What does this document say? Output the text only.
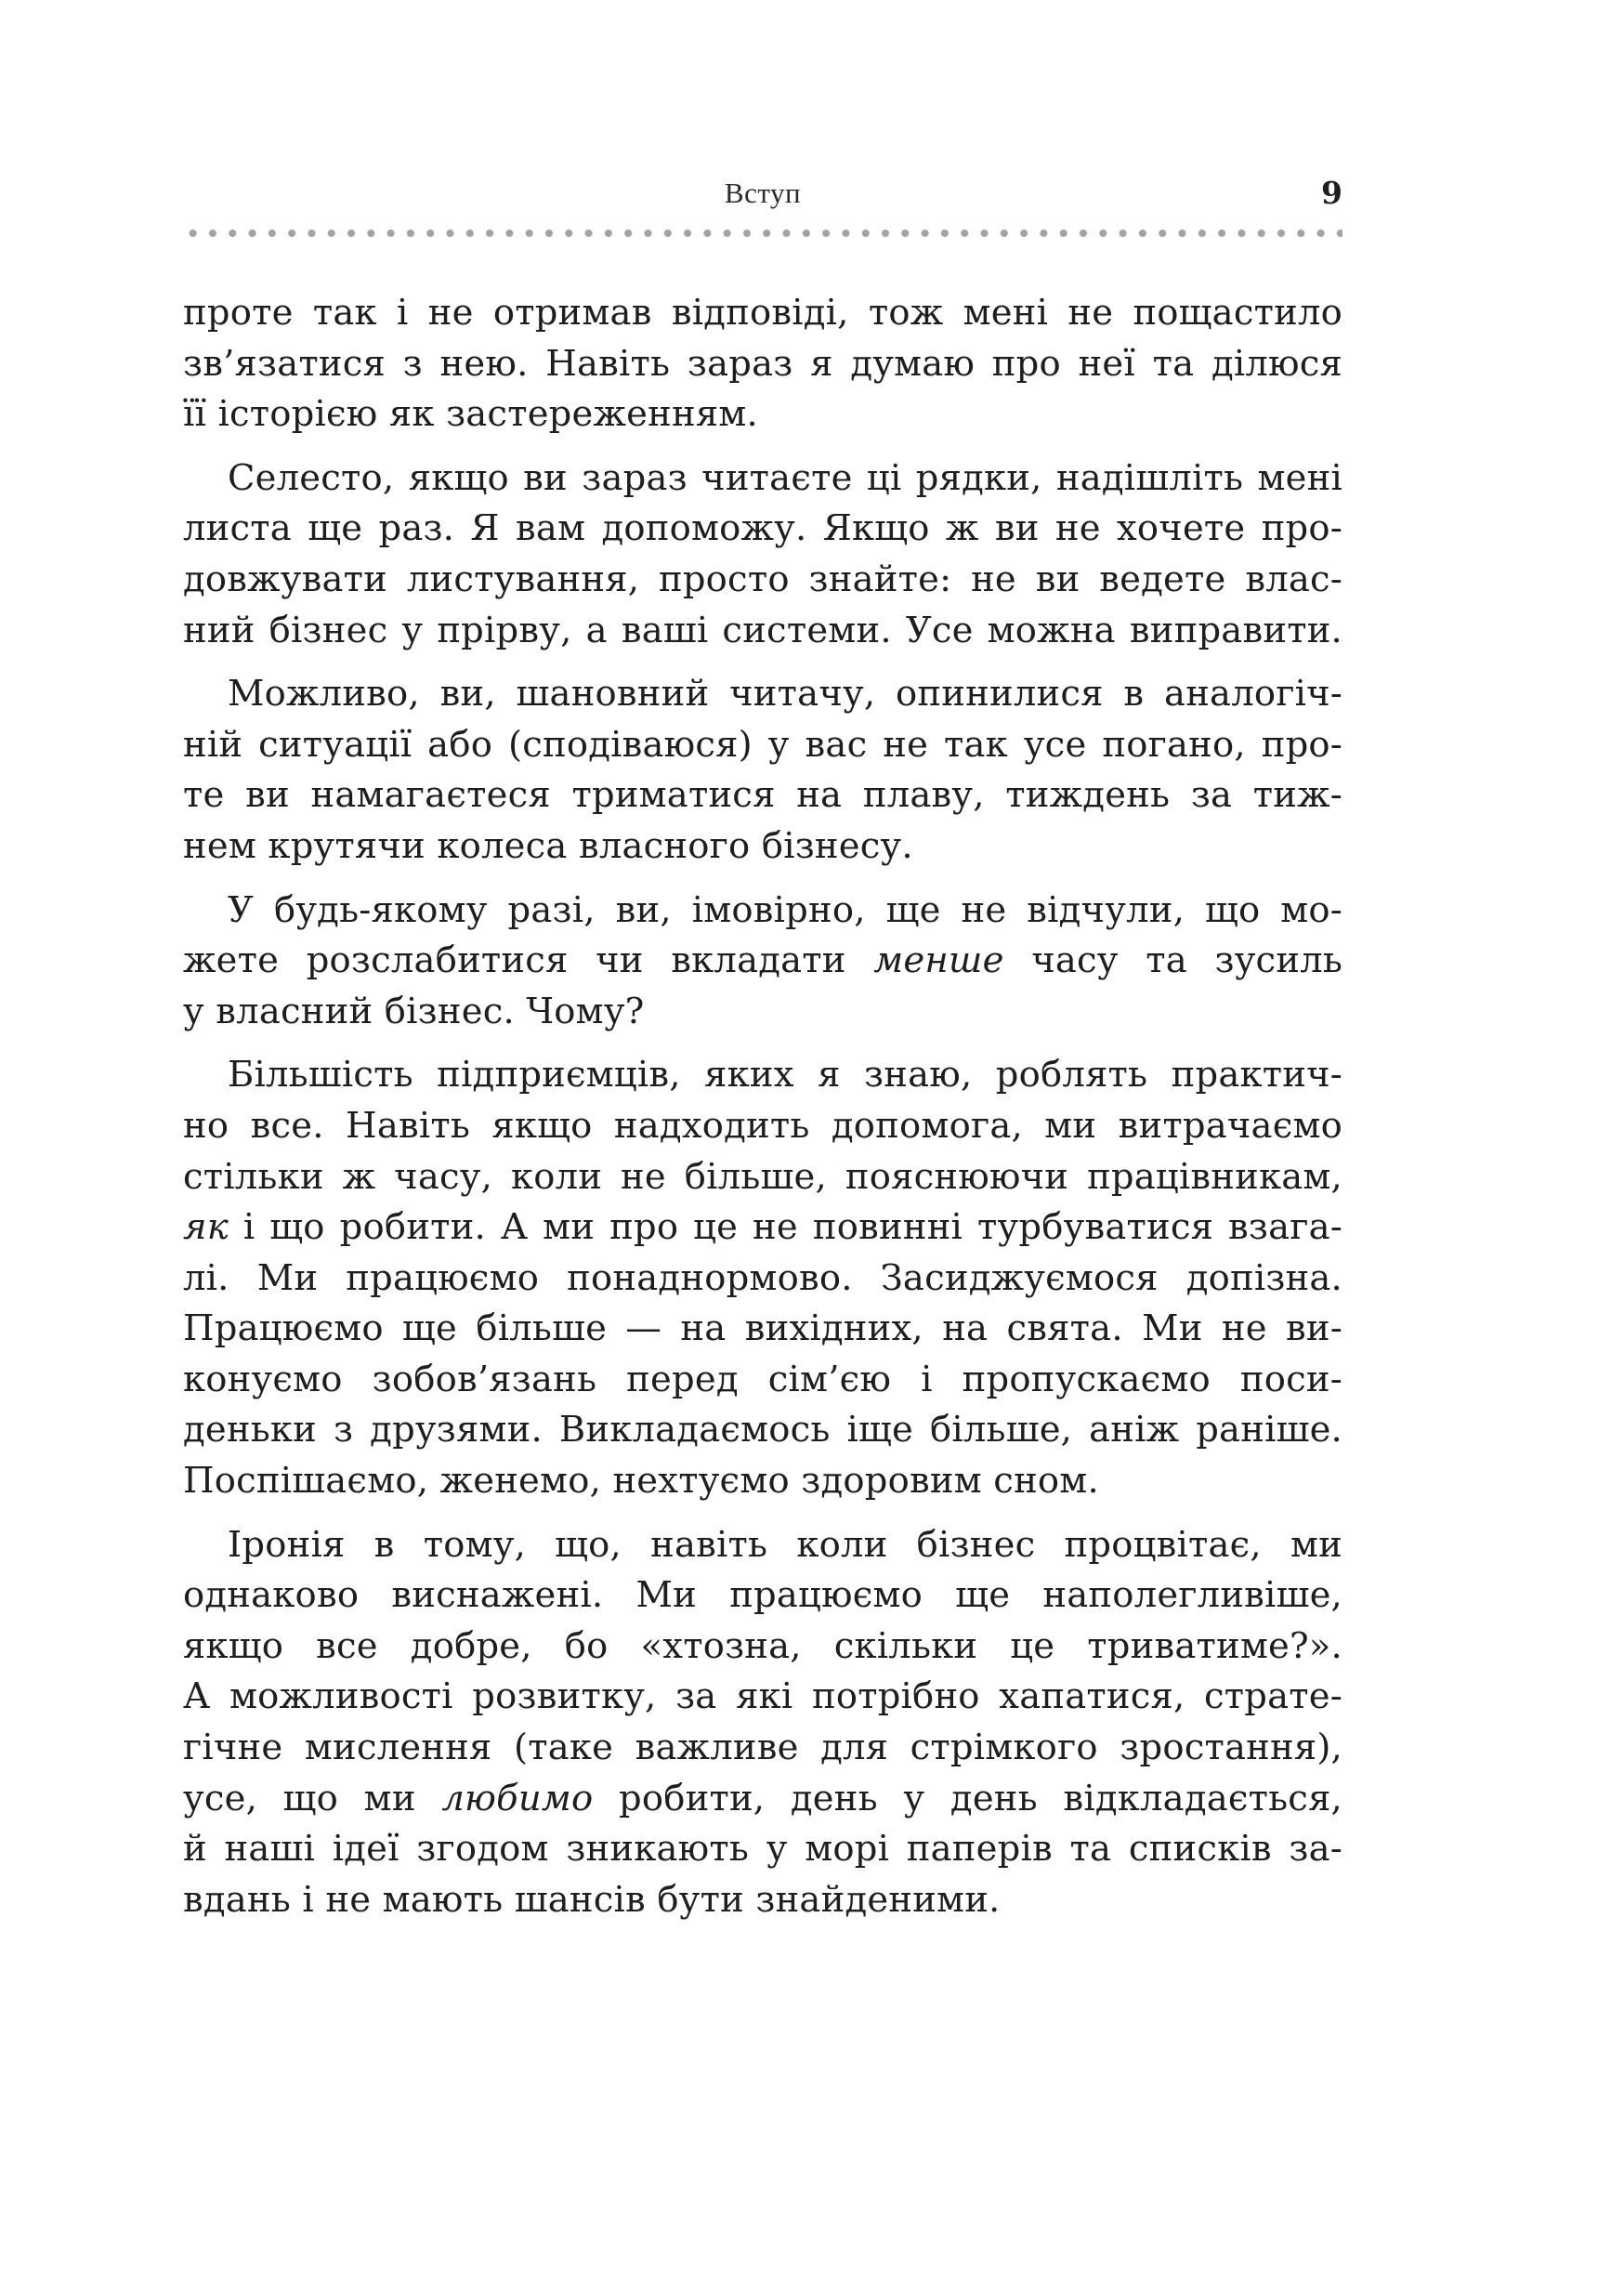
Вступ	9
проте так і не отримав відповіді, тож мені не пощастило
зв’язатися з нею. Навіть зараз я думаю про неї та ділюся
її історією як застереженням.
Селесто, якщо ви зараз читаєте ці рядки, надішліть мені
листа ще раз. Я вам допоможу. Якщо ж ви не хочете про-
довжувати листування, просто знайте: не ви ведете влас-
ний бізнес у прірву, а ваші системи. Усе можна виправити.
Можливо, ви, шановний читачу, опинилися в аналогіч-
ній ситуації або (сподіваюся) у вас не так усе погано, про-
те ви намагаєтеся триматися на плаву, тиждень за тиж-
нем крутячи колеса власного бізнесу.
У будь-якому разі, ви, імовірно, ще не відчули, що мо-
жете розслабитися чи вкладати менше часу та зусиль
у власний бізнес. Чому?
Більшість підприємців, яких я знаю, роблять практич-
но все. Навіть якщо надходить допомога, ми витрачаємо
стільки ж часу, коли не більше, пояснюючи працівникам,
як і що робити. А ми про це не повинні турбуватися взага-
лі. Ми працюємо понаднормово. Засиджуємося допізна.
Працюємо ще більше — на вихідних, на свята. Ми не ви-
конуємо зобов’язань перед сім’єю і пропускаємо поси-
деньки з друзями. Викладаємось іще більше, аніж раніше.
Поспішаємо, женемо, нехтуємо здоровим сном.
Іронія в тому, що, навіть коли бізнес процвітає, ми
однаково виснажені. Ми працюємо ще наполегливіше,
якщо все добре, бо «хтозна, скільки це триватиме?».
А можливості розвитку, за які потрібно хапатися, страте-
гічне мислення (таке важливе для стрімкого зростання),
усе, що ми любимо робити, день у день відкладається,
й наші ідеї згодом зникають у морі паперів та списків за-
вдань і не мають шансів бути знайденими.
